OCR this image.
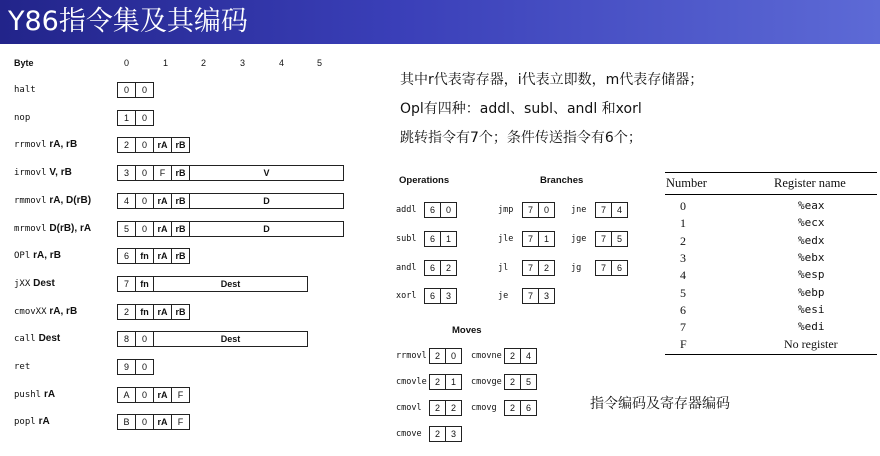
Y86指令集及其编码
Byte	0	1	2	3	4	5
halt	0	0
nop	1	0
rrmovl rA, rB	2	0	rA rB
irmovl V, rB	3	0	F	rB	V
rmmovl rA, D(rB)	4	0	rA rB	D
mrmovl D(rB), rA	5	0	rA rB	D
OPl rA, rB	6	fn rA rB
jXX Dest	7	fn	Dest
cmovXX rA, rB	2	fn rA rB
call Dest	8	0	Dest
ret	9	0
pushl rA	A	0	rA	F
popl rA	B	0	rA	F
其中r代表寄存器，i代表立即数，m代表存储器；
Opl有四种：addl、subl、andl 和xorl
跳转指令有7个；条件传送指令有6个；
Operations	Branches
Moves
addl	6	0
subl	6	1
andl	6	2
xorl	6	3
jmp	7	0	jne	7	4
jle	7	1	jge	7	5
jl	7	2	jg	7	6
je	7	3
rrmovl 2	0	cmovne 2	4
cmovle 2	1	cmovge 2	5
cmovl	2	2	cmovg	2	6
cmove	2	3
Number	Register name
0	%eax
1	%ecx
2	%edx
3	%ebx
4	%esp
5	%ebp
6	%esi
7	%edi
F	No register
指令编码及寄存器编码
